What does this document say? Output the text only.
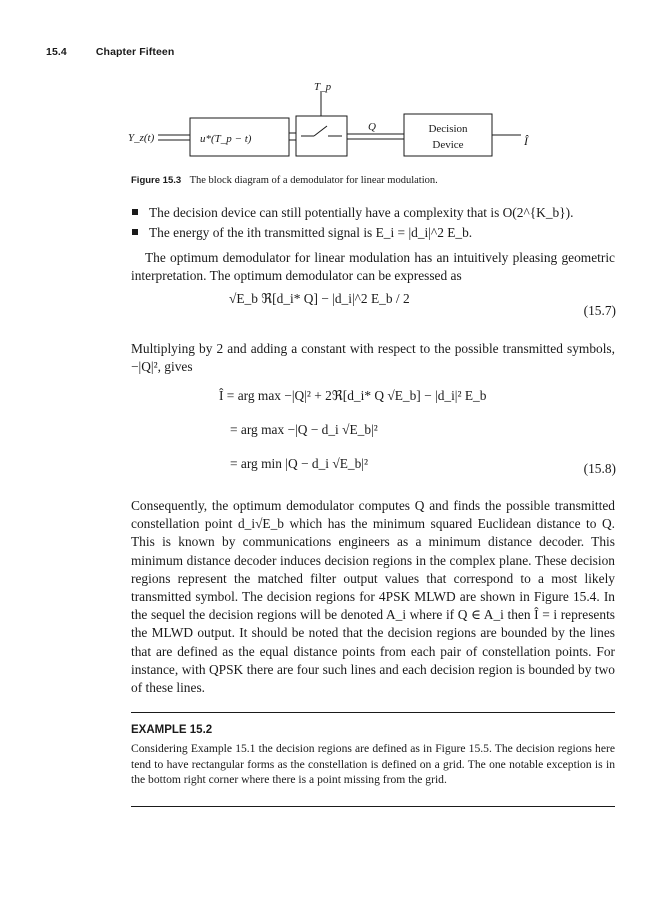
15.4	Chapter Fifteen
Y_z(t)	u*(T_p − t)
T_p
Q	Decision
Device	Î
Figure 15.3 The block diagram of a demodulator for linear modulation.
The decision device can still potentially have a complexity that is O(2^{K_b}).
The energy of the ith transmitted signal is E_i = |d_i|^2 E_b.
The optimum demodulator for linear modulation has an intuitively pleasing geometric interpretation. The optimum demodulator can be expressed as
√E_b ℜ[d_i* Q] − |d_i|^2 E_b / 2
(15.7)
Multiplying by 2 and adding a constant with respect to the possible transmitted symbols, −|Q|², gives
Î = arg max −|Q|² + 2ℜ[d_i* Q √E_b] − |d_i|² E_b
= arg max −|Q − d_i √E_b|²
= arg min |Q − d_i √E_b|²	(15.8)
Consequently, the optimum demodulator computes Q and finds the possible transmitted constellation point d_i√E_b which has the minimum squared Euclidean distance to Q. This is known by communications engineers as a minimum distance decoder. This minimum distance decoder induces decision regions in the complex plane. These decision regions represent the matched filter output values that correspond to a most likely transmitted symbol. The decision regions for 4PSK MLWD are shown in Figure 15.4. In the sequel the decision regions will be denoted A_i where if Q ∈ A_i then Î = i represents the MLWD output. It should be noted that the decision regions are bounded by the lines that are defined as the equal distance points from each pair of constellation points. For instance, with QPSK there are four such lines and each decision region is bounded by two of these lines.
EXAMPLE 15.2
Considering Example 15.1 the decision regions are defined as in Figure 15.5. The decision regions here tend to have rectangular forms as the constellation is defined on a grid. The one notable exception is in the bottom right corner where there is a point missing from the grid.
